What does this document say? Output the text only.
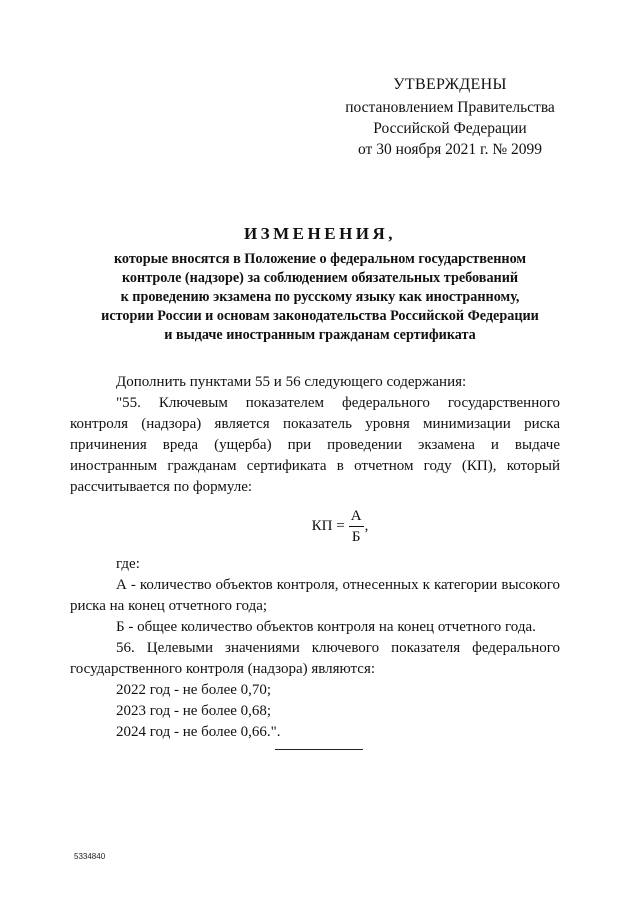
УТВЕРЖДЕНЫ
постановлением Правительства
Российской Федерации
от 30 ноября 2021 г. № 2099
ИЗМЕНЕНИЯ,
которые вносятся в Положение о федеральном государственном
контроле (надзоре) за соблюдением обязательных требований
к проведению экзамена по русскому языку как иностранному,
истории России и основам законодательства Российской Федерации
и выдаче иностранным гражданам сертификата

Дополнить пунктами 55 и 56 следующего содержания:

"55. Ключевым показателем федерального государственного контроля (надзора) является показатель уровня минимизации риска причинения вреда (ущерба) при проведении экзамена и выдаче иностранным гражданам сертификата в отчетном году (КП), который рассчитывается по формуле:

КП = $\frac{А}{Б}$ ,

где:

А - количество объектов контроля, отнесенных к категории высокого риска на конец отчетного года;

Б - общее количество объектов контроля на конец отчетного года.

56. Целевыми значениями ключевого показателя федерального государственного контроля (надзора) являются:

2022 год - не более 0,70;

2023 год - не более 0,68;

2024 год - не более 0,66.".

5334840
